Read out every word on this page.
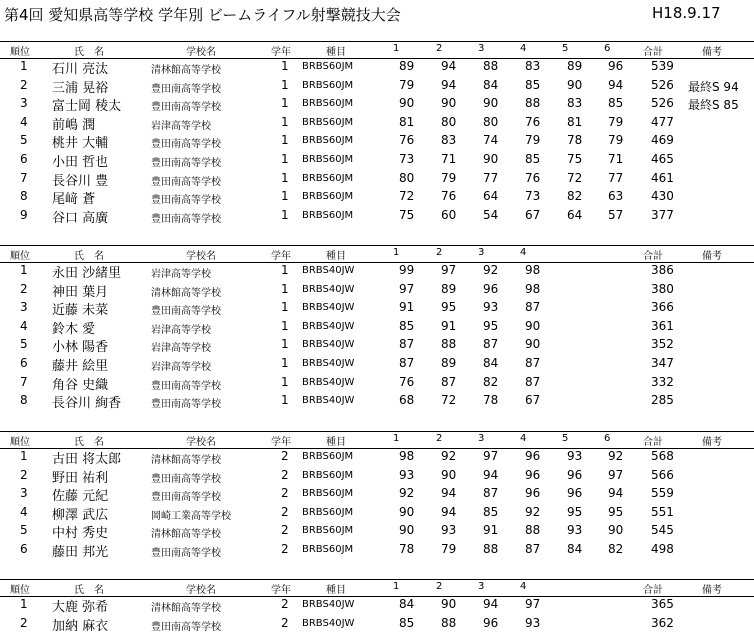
第4回 愛知県高等学校 学年別 ビームライフル射撃競技大会	H18.9.17
順位	氏　名	学校名	学年	種目	1	2	3	4	5	6	合計	備考
1 石川 亮汰	清林館高等学校	1 BRBS60JM	89 94 88 83 89 96 539
2 三浦 晃裕	豊田南高等学校	1 BRBS60JM	79 94 84 85 90 94 526 最終S 94
3 富士岡 稜太	豊田南高等学校	1 BRBS60JM	90 90 90 88 83 85 526 最終S 85
4 前嶋 潤	岩津高等学校	1 BRBS60JM	81 80 80 76 81 79 477
5 桃井 大輔	豊田南高等学校	1 BRBS60JM	76 83 74 79 78 79 469
6 小田 哲也	豊田南高等学校	1 BRBS60JM	73 71 90 85 75 71 465
7 長谷川 豊	豊田南高等学校	1 BRBS60JM	80 79 77 76 72 77 461
8 尾﨑 蒼	豊田南高等学校	1 BRBS60JM	72 76 64 73 82 63 430
9 谷口 高廣	豊田南高等学校	1 BRBS60JM	75 60 54 67 64 57 377
順位	氏　名	学校名	学年	種目	1	2	3	4	合計	備考
1 永田 沙緒里	岩津高等学校	1 BRBS40JW	99 97 92 98	386
2 神田 葉月	清林館高等学校	1 BRBS40JW	97 89 96 98	380
3 近藤 未菜	豊田南高等学校	1 BRBS40JW	91 95 93 87	366
4 鈴木 愛	岩津高等学校	1 BRBS40JW	85 91 95 90	361
5 小林 陽香	岩津高等学校	1 BRBS40JW	87 88 87 90	352
6 藤井 絵里	岩津高等学校	1 BRBS40JW	87 89 84 87	347
7 角谷 史織	豊田南高等学校	1 BRBS40JW	76 87 82 87	332
8 長谷川 絢香	豊田南高等学校	1 BRBS40JW	68 72 78 67	285
順位	氏　名	学校名	学年	種目	1	2	3	4	5	6	合計	備考
1 古田 将太郎	清林館高等学校	2 BRBS60JM	98 92 97 96 93 92 568
2 野田 祐利	豊田南高等学校	2 BRBS60JM	93 90 94 96 96 97 566
3 佐藤 元紀	豊田南高等学校	2 BRBS60JM	92 94 87 96 96 94 559
4 柳澤 武広	岡崎工業高等学校	2 BRBS60JM	90 94 85 92 95 95 551
5 中村 秀史	清林館高等学校	2 BRBS60JM	90 93 91 88 93 90 545
6 藤田 邦光	豊田南高等学校	2 BRBS60JM	78 79 88 87 84 82 498
順位	氏　名	学校名	学年	種目	1	2	3	4	合計	備考
1 大鹿 弥希	清林館高等学校	2 BRBS40JW	84 90 94 97	365
2 加納 麻衣	豊田南高等学校	2 BRBS40JW	85 88 96 93	362
